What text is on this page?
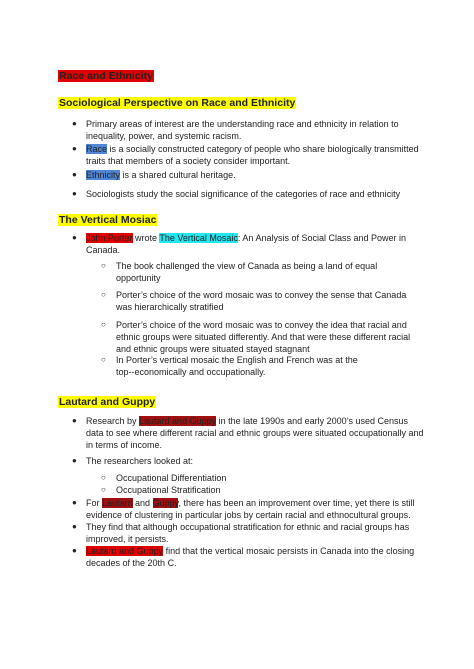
Race and Ethnicity
Sociological Perspective on Race and Ethnicity
● Primary areas of interest are the understanding race and ethnicity in relation to
inequality, power, and systemic racism.
● Race is a socially constructed category of people who share biologically transmitted
traits that members of a society consider important.
● Ethnicity is a shared cultural heritage.
● Sociologists study the social significance of the categories of race and ethnicity
The Vertical Mosiac
● John Porter wrote The Vertical Mosaic: An Analysis of Social Class and Power in
Canada.
○ The book challenged the view of Canada as being a land of equal
opportunity
○ Porter’s choice of the word mosaic was to convey the sense that Canada
was hierarchically stratified
○ Porter’s choice of the word mosaic was to convey the idea that racial and
ethnic groups were situated differently. And that were these different racial
and ethnic groups were situated stayed stagnant
○ In Porter’s vertical mosaic the English and French was at the
top--economically and occupationally.
Lautard and Guppy
● Research by Lautard and Guppy in the late 1990s and early 2000’s used Census
data to see where different racial and ethnic groups were situated occupationally and
in terms of income.
● The researchers looked at:
○ Occupational Differentiation
○ Occupational Stratification
● For Lautard and Guppy, there has been an improvement over time, yet there is still
evidence of clustering in particular jobs by certain racial and ethnocultural groups.
● They find that although occupational stratification for ethnic and racial groups has
improved, it persists.
● Lautard and Guppy find that the vertical mosaic persists in Canada into the closing
decades of the 20th C.
